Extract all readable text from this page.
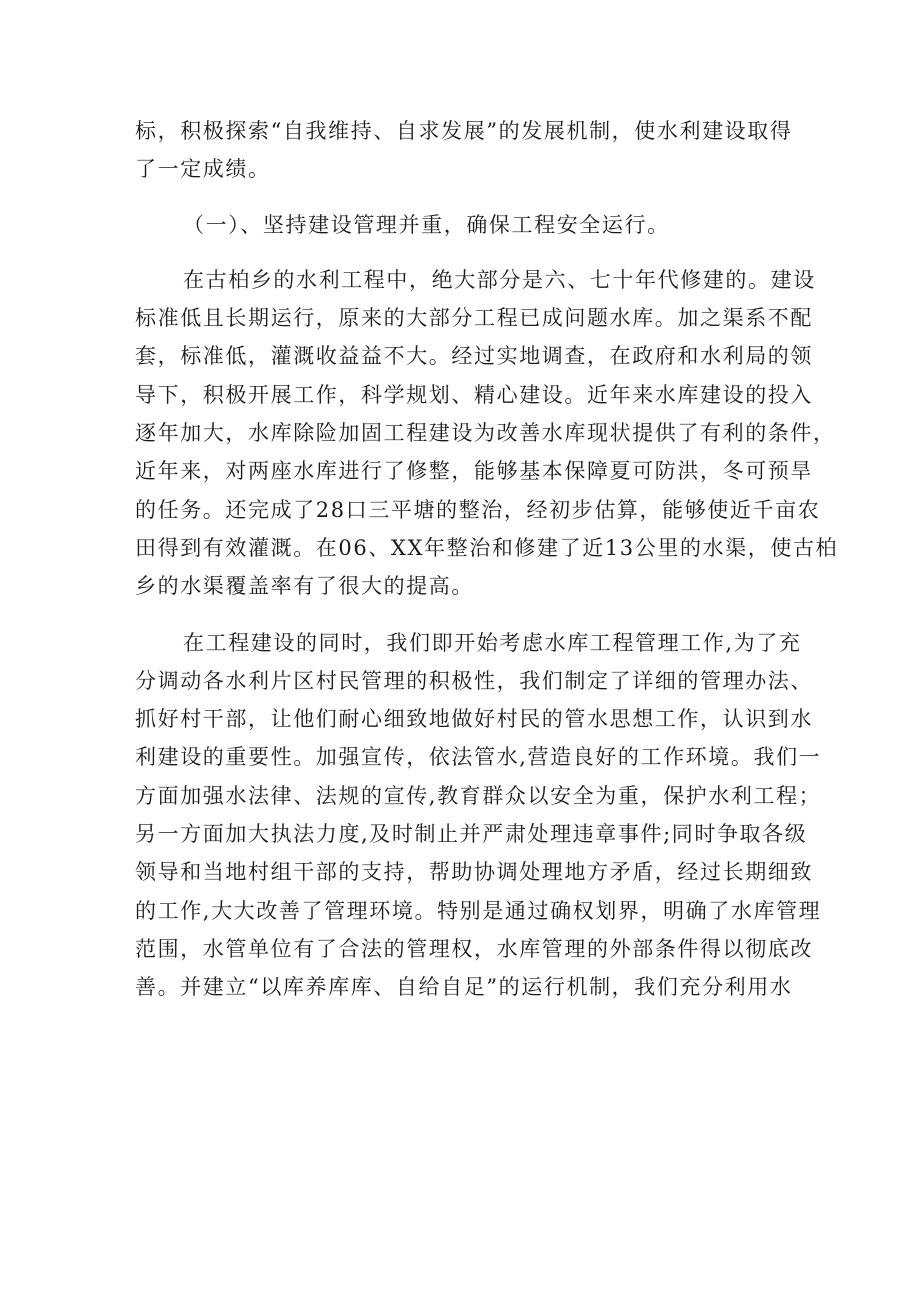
标，积极探索“自我维持、自求发展”的发展机制，使水利建设取得
了一定成绩。
（一）、坚持建设管理并重，确保工程安全运行。
在古柏乡的水利工程中，绝大部分是六、七十年代修建的。建设
标准低且长期运行，原来的大部分工程已成问题水库。加之渠系不配
套，标准低，灌溉收益益不大。经过实地调查，在政府和水利局的领
导下，积极开展工作，科学规划、精心建设。近年来水库建设的投入
逐年加大，水库除险加固工程建设为改善水库现状提供了有利的条件，
近年来，对两座水库进行了修整，能够基本保障夏可防洪，冬可预旱
的任务。还完成了28口三平塘的整治，经初步估算，能够使近千亩农
田得到有效灌溉。在06、XX年整治和修建了近13公里的水渠，使古柏
乡的水渠覆盖率有了很大的提高。
在工程建设的同时，我们即开始考虑水库工程管理工作,为了充
分调动各水利片区村民管理的积极性，我们制定了详细的管理办法、
抓好村干部，让他们耐心细致地做好村民的管水思想工作，认识到水
利建设的重要性。加强宣传，依法管水,营造良好的工作环境。我们一
方面加强水法律、法规的宣传,教育群众以安全为重，保护水利工程；
另一方面加大执法力度,及时制止并严肃处理违章事件;同时争取各级
领导和当地村组干部的支持，帮助协调处理地方矛盾，经过长期细致
的工作,大大改善了管理环境。特别是通过确权划界，明确了水库管理
范围，水管单位有了合法的管理权，水库管理的外部条件得以彻底改
善。并建立“以库养库库、自给自足”的运行机制，我们充分利用水
